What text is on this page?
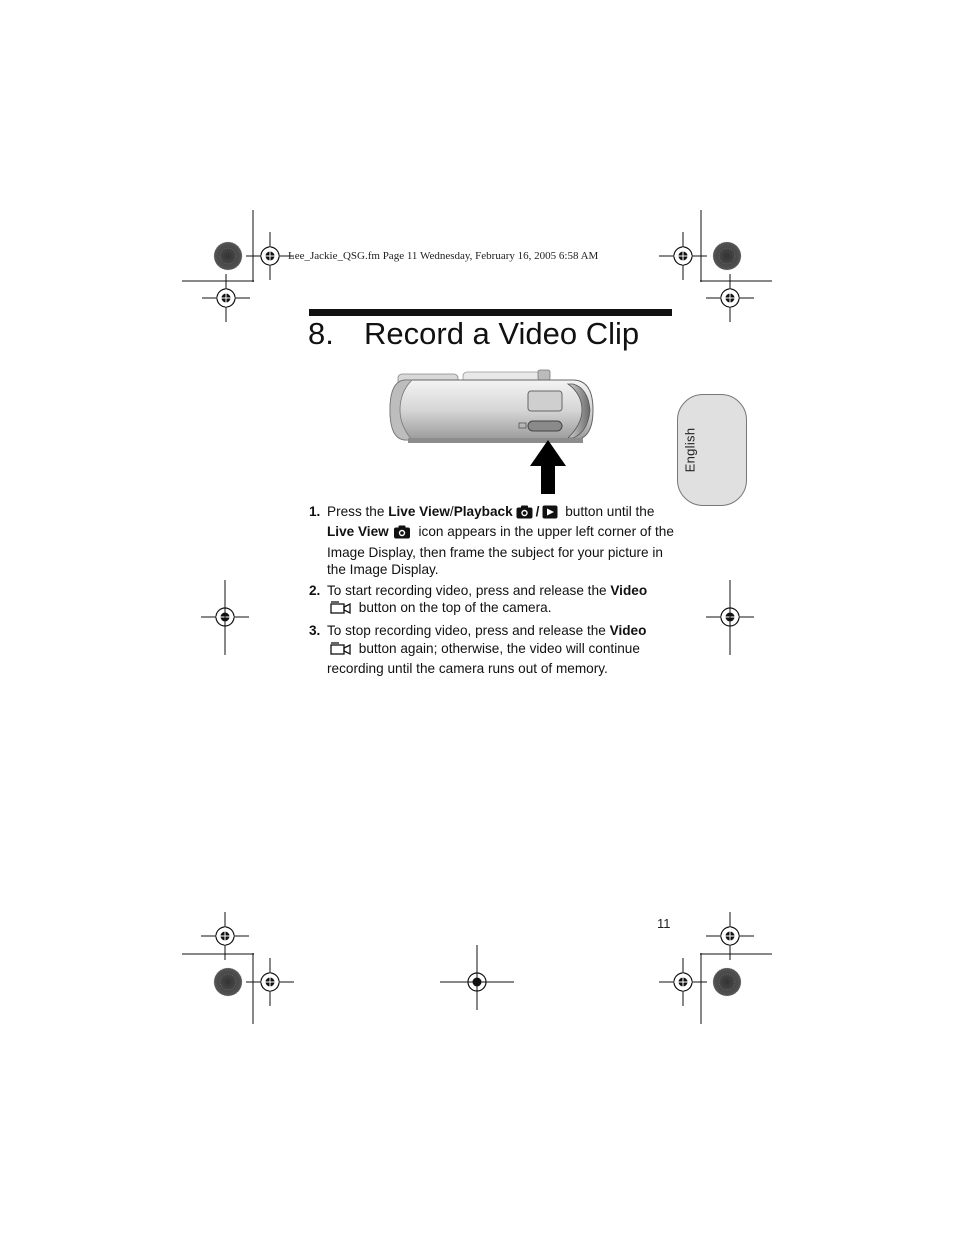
Lee_Jackie_QSG.fm Page 11 Wednesday, February 16, 2005 6:58 AM
8. Record a Video Clip
English
1. Press the Live View/Playback / button until the Live View icon appears in the upper left corner of the Image Display, then frame the subject for your picture in the Image Display.
2. To start recording video, press and release the Video button on the top of the camera.
3. To stop recording video, press and release the Video button again; otherwise, the video will continue recording until the camera runs out of memory.
11
